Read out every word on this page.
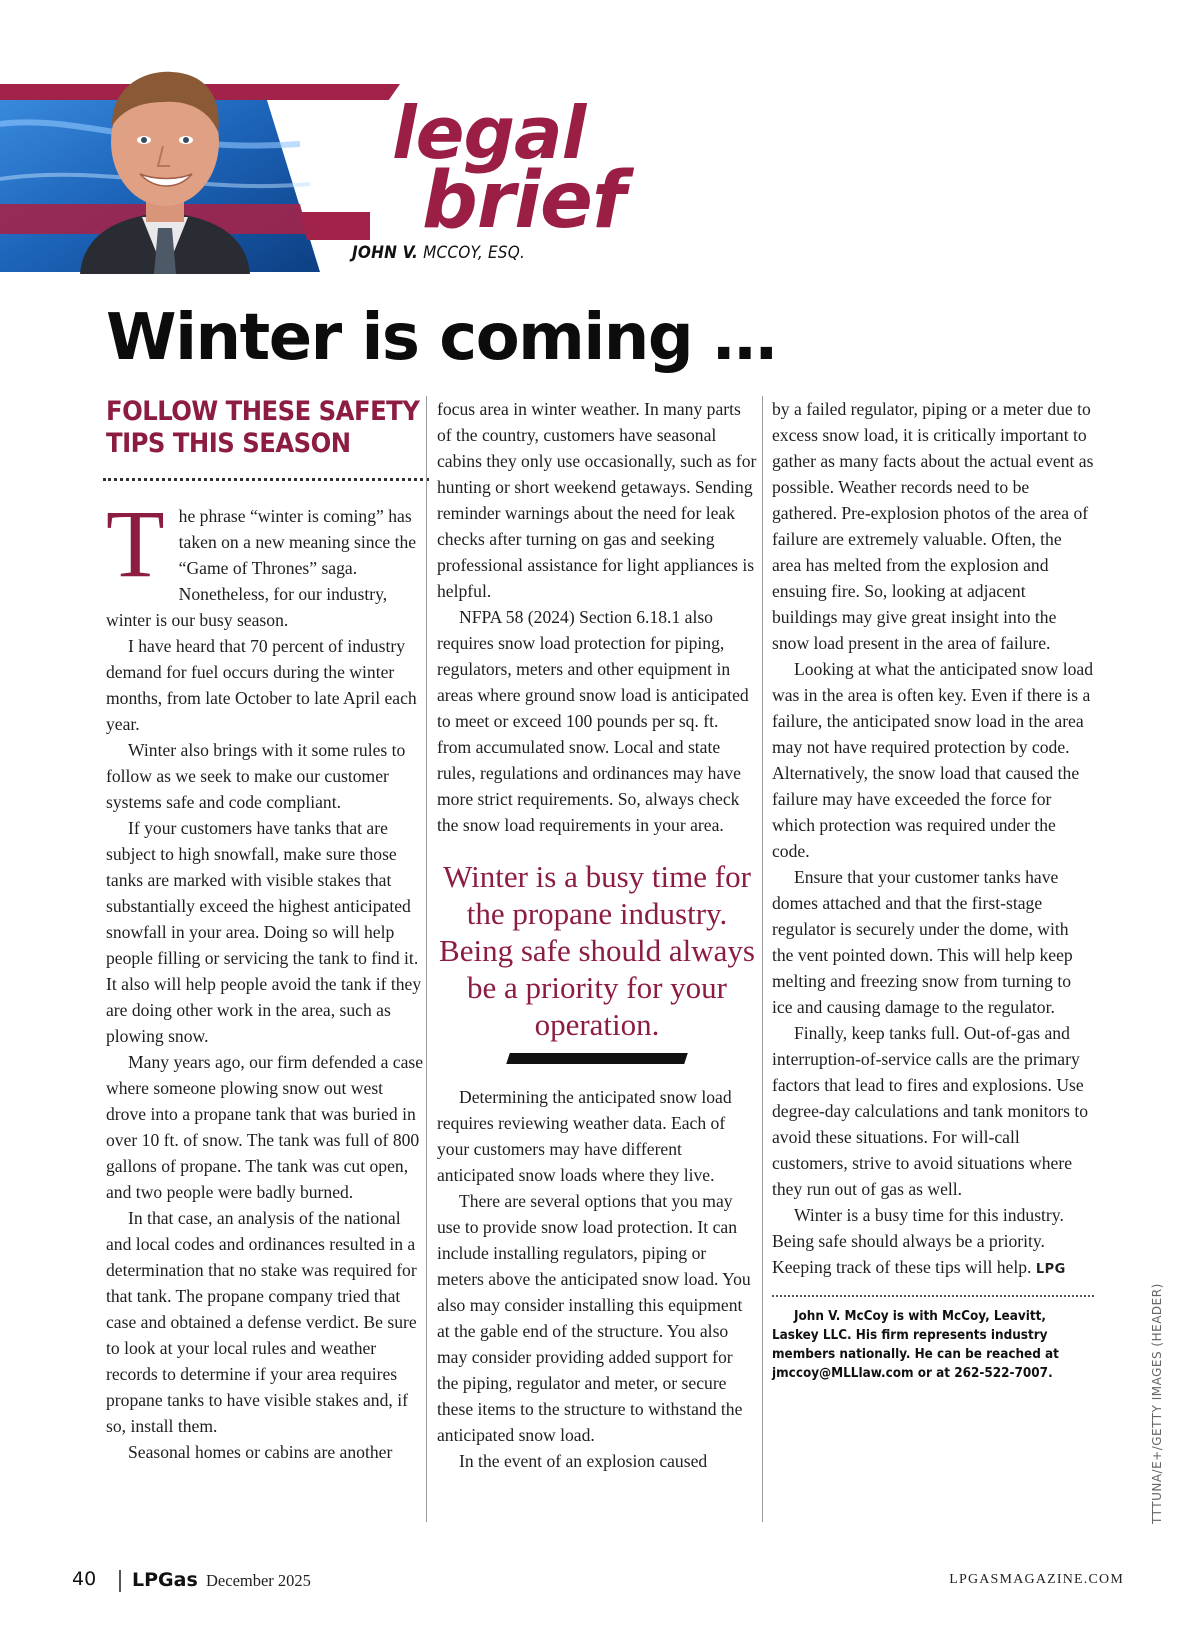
legal
brief
JOHN V. MCCOY, ESQ.
Winter is coming …
FOLLOW THESE SAFETY TIPS THIS SEASON

The phrase “winter is coming” has taken on a new meaning since the “Game of Thrones” saga. Nonetheless, for our industry, winter is our busy season.

I have heard that 70 percent of industry demand for fuel occurs during the winter months, from late October to late April each year.

Winter also brings with it some rules to follow as we seek to make our customer systems safe and code compliant.

If your customers have tanks that are subject to high snowfall, make sure those tanks are marked with visible stakes that substantially exceed the highest anticipated snowfall in your area. Doing so will help people filling or servicing the tank to find it. It also will help people avoid the tank if they are doing other work in the area, such as plowing snow.

Many years ago, our firm defended a case where someone plowing snow out west drove into a propane tank that was buried in over 10 ft. of snow. The tank was full of 800 gallons of propane. The tank was cut open, and two people were badly burned.

In that case, an analysis of the national and local codes and ordinances resulted in a determination that no stake was required for that tank. The propane company tried that case and obtained a defense verdict. Be sure to look at your local rules and weather records to determine if your area requires propane tanks to have visible stakes and, if so, install them.

Seasonal homes or cabins are another

focus area in winter weather. In many parts of the country, customers have seasonal cabins they only use occasionally, such as for hunting or short weekend getaways. Sending reminder warnings about the need for leak checks after turning on gas and seeking professional assistance for light appliances is helpful.

NFPA 58 (2024) Section 6.18.1 also requires snow load protection for piping, regulators, meters and other equipment in areas where ground snow load is anticipated to meet or exceed 100 pounds per sq. ft. from accumulated snow. Local and state rules, regulations and ordinances may have more strict requirements. So, always check the snow load requirements in your area.

Winter is a busy time for the propane industry. Being safe should always be a priority for your operation.

Determining the anticipated snow load requires reviewing weather data. Each of your customers may have different anticipated snow loads where they live.

There are several options that you may use to provide snow load protection. It can include installing regulators, piping or meters above the anticipated snow load. You also may consider installing this equipment at the gable end of the structure. You also may consider providing added support for the piping, regulator and meter, or secure these items to the structure to withstand the anticipated snow load.

In the event of an explosion caused

by a failed regulator, piping or a meter due to excess snow load, it is critically important to gather as many facts about the actual event as possible. Weather records need to be gathered. Pre-explosion photos of the area of failure are extremely valuable. Often, the area has melted from the explosion and ensuing fire. So, looking at adjacent buildings may give great insight into the snow load present in the area of failure.

Looking at what the anticipated snow load was in the area is often key. Even if there is a failure, the anticipated snow load in the area may not have required protection by code. Alternatively, the snow load that caused the failure may have exceeded the force for which protection was required under the code.

Ensure that your customer tanks have domes attached and that the first-stage regulator is securely under the dome, with the vent pointed down. This will help keep melting and freezing snow from turning to ice and causing damage to the regulator.

Finally, keep tanks full. Out-of-gas and interruption-of-service calls are the primary factors that lead to fires and explosions. Use degree-day calculations and tank monitors to avoid these situations. For will-call customers, strive to avoid situations where they run out of gas as well.

Winter is a busy time for this industry. Being safe should always be a priority. Keeping track of these tips will help. LPG

John V. McCoy is with McCoy, Leavitt, Laskey LLC. His firm represents industry members nationally. He can be reached at jmccoy@MLLlaw.com or at 262-522-7007.	TTTUNA/E+/GETTY IMAGES (HEADER)
40 LPGas December 2025	LPGASMAGAZINE.COM
